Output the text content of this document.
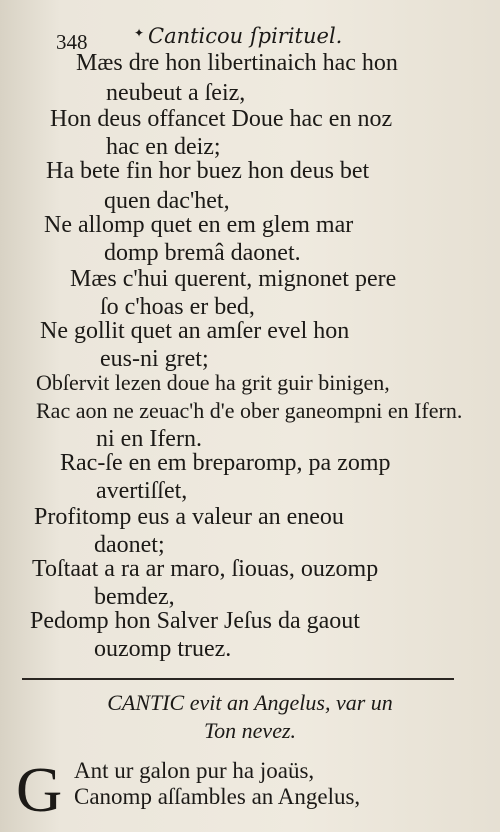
348	✦ Canticou ſpirituel.
Mæs dre hon libertinaich hac hon
neubeut a ſeiz,
Hon deus offancet Doue hac en noz
hac en deiz;
Ha bete fin hor buez hon deus bet
quen dac'het,
Ne allomp quet en em glem mar
domp bremâ daonet.
Mæs c'hui querent, mignonet pere
ſo c'hoas er bed,
Ne gollit quet an amſer evel hon
eus-ni gret;
Obſervit lezen doue ha grit guir binigen,
Rac aon ne zeuac'h d'e ober ganeompni en Ifern.
ni en Ifern.
Rac-ſe en em breparomp, pa zomp
avertiſſet,
Profitomp eus a valeur an eneou
daonet;
Toſtaat a ra ar maro, ſiouas, ouzomp
bemdez,
Pedomp hon Salver Jeſus da gaout
ouzomp truez.
CANTIC evit an Angelus, var un
Ton nevez.
G Ant ur galon pur ha joaüs,
Canomp aſſambles an Angelus,
